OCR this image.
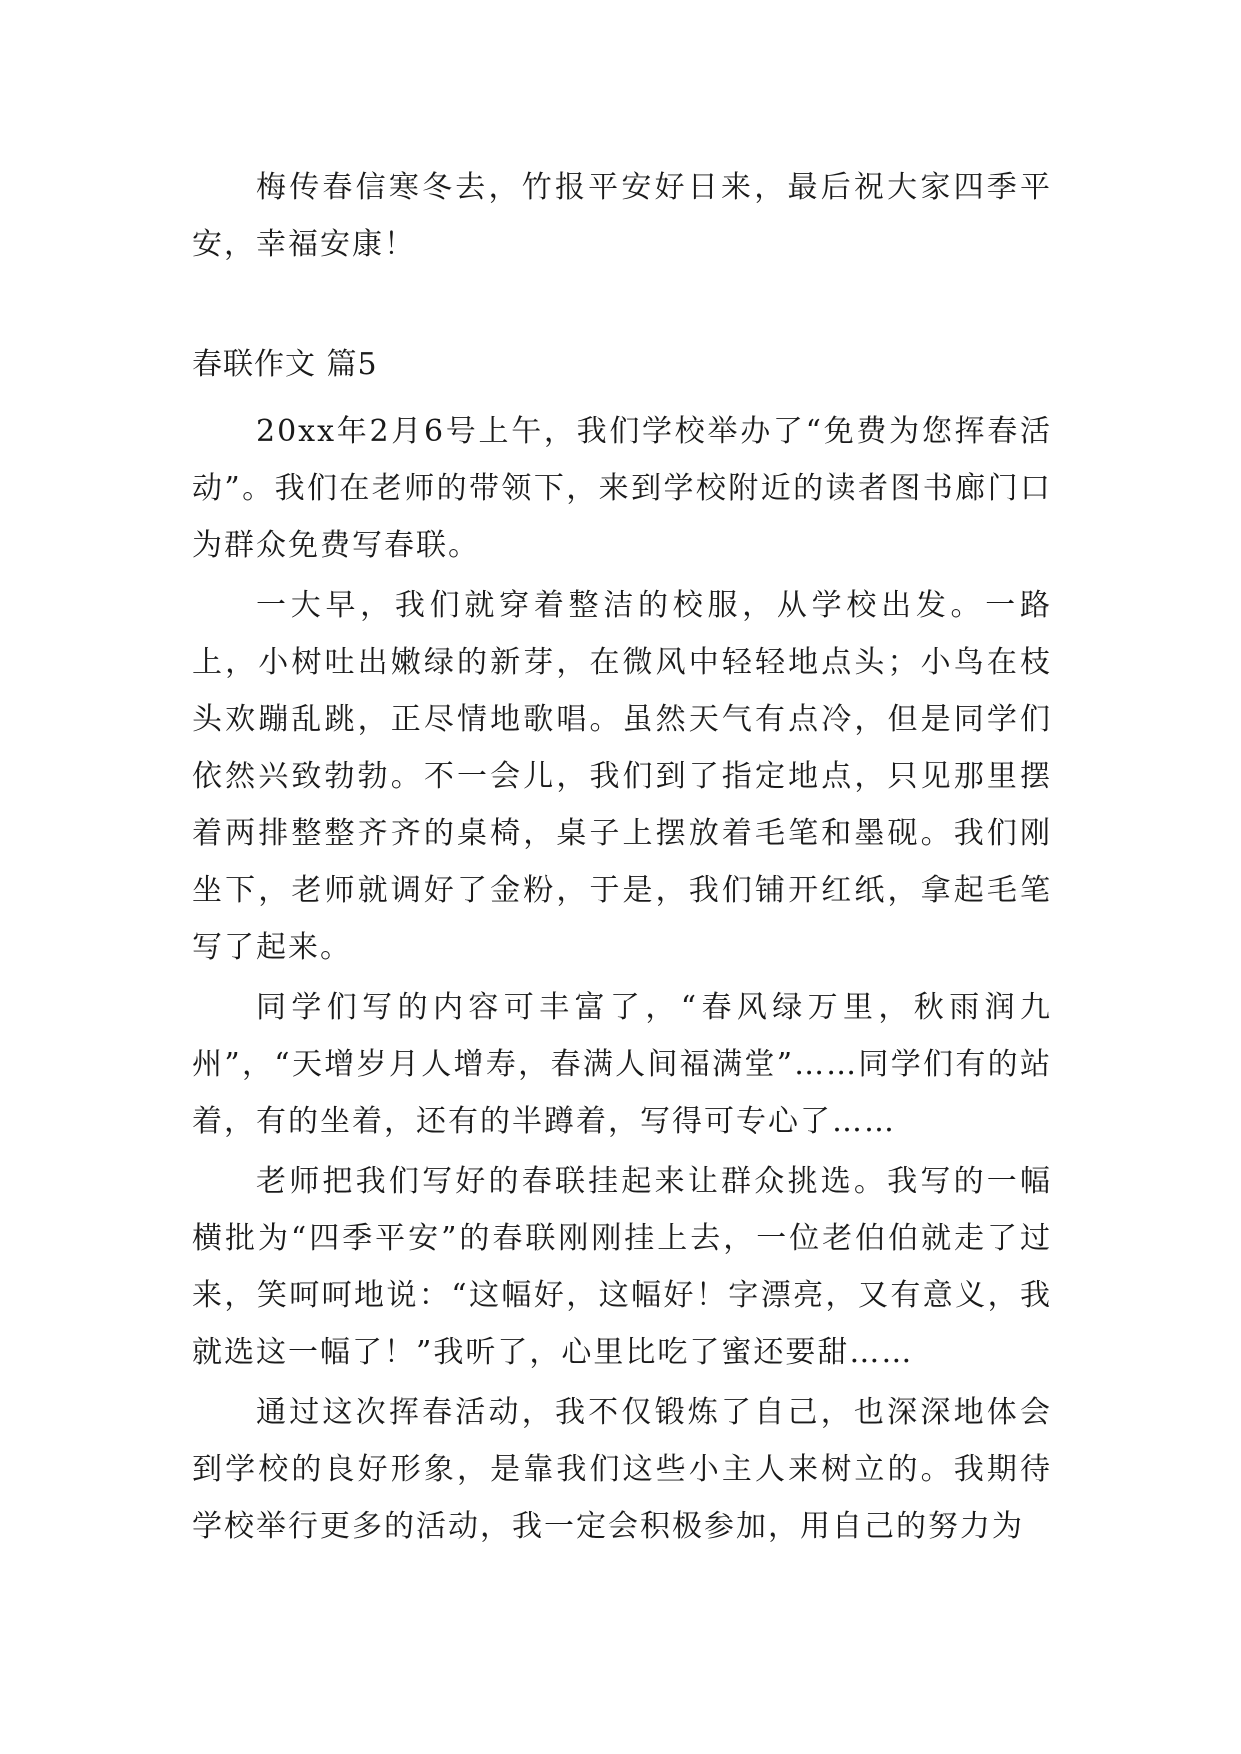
梅传春信寒冬去，竹报平安好日来，最后祝大家四季平安，幸福安康！

春联作文 篇5

20xx年2月6号上午，我们学校举办了“免费为您挥春活动”。我们在老师的带领下，来到学校附近的读者图书廊门口为群众免费写春联。

一大早，我们就穿着整洁的校服，从学校出发。一路上，小树吐出嫩绿的新芽，在微风中轻轻地点头；小鸟在枝头欢蹦乱跳，正尽情地歌唱。虽然天气有点冷，但是同学们依然兴致勃勃。不一会儿，我们到了指定地点，只见那里摆着两排整整齐齐的桌椅，桌子上摆放着毛笔和墨砚。我们刚坐下，老师就调好了金粉，于是，我们铺开红纸，拿起毛笔写了起来。

同学们写的内容可丰富了，“春风绿万里，秋雨润九州”，“天增岁月人增寿，春满人间福满堂”……同学们有的站着，有的坐着，还有的半蹲着，写得可专心了……

老师把我们写好的春联挂起来让群众挑选。我写的一幅横批为“四季平安”的春联刚刚挂上去，一位老伯伯就走了过来，笑呵呵地说：“这幅好，这幅好！字漂亮，又有意义，我就选这一幅了！”我听了，心里比吃了蜜还要甜……

通过这次挥春活动，我不仅锻炼了自己，也深深地体会到学校的良好形象，是靠我们这些小主人来树立的。我期待学校举行更多的活动，我一定会积极参加，用自己的努力为
